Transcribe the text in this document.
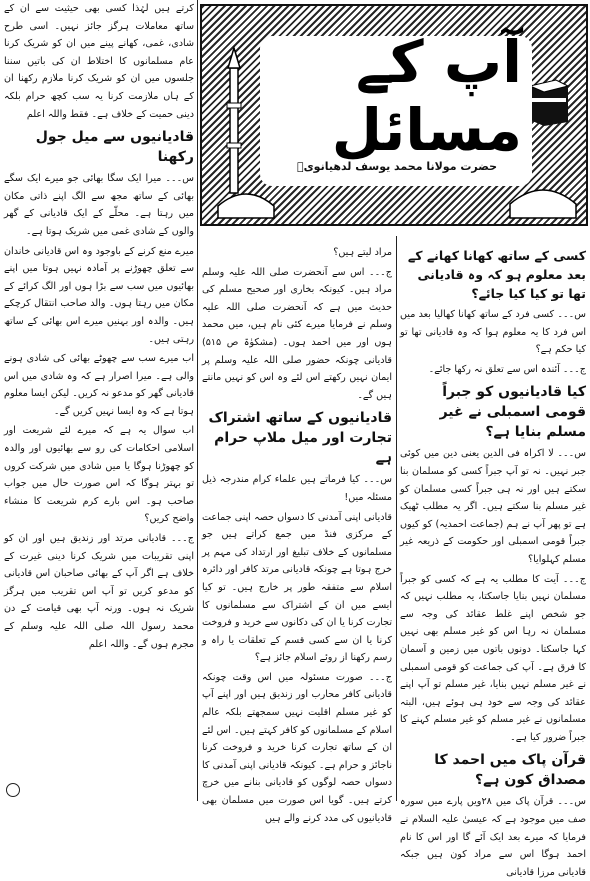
آپ کے مسائل
حضرت مولانا محمد یوسف لدھیانویؒ

کسی کے ساتھ کھانا کھانے کے بعد معلوم ہو کہ وہ قادیانی تھا تو کیا کیا جائے؟

س۔۔۔ کسی فرد کے ساتھ کھانا کھالیا بعد میں اس فرد کا یہ معلوم ہوا کہ وہ قادیانی تھا تو کیا حکم ہے؟

ج۔۔۔ آئندہ اس سے تعلق نہ رکھا جائے۔

کیا قادیانیوں کو جبراً قومی اسمبلی نے غیر مسلم بنایا ہے؟

س۔۔۔ لا اکراہ فی الدین یعنی دین میں کوئی جبر نہیں۔ نہ تو آپ جبراً کسی کو مسلمان بنا سکتے ہیں اور نہ ہی جبراً کسی مسلمان کو غیر مسلم بنا سکتے ہیں۔ اگر یہ مطلب ٹھیک ہے تو پھر آپ نے ہم (جماعت احمدیہ) کو کیوں جبراً قومی اسمبلی اور حکومت کے ذریعہ غیر مسلم کہلوایا؟

ج۔۔۔ آیت کا مطلب یہ ہے کہ کسی کو جبراً مسلمان نہیں بنایا جاسکتا، یہ مطلب نہیں کہ جو شخص اپنے غلط عقائد کی وجہ سے مسلمان نہ رہا اس کو غیر مسلم بھی نہیں کہا جاسکتا۔ دونوں باتوں میں زمین و آسمان کا فرق ہے۔ آپ کی جماعت کو قومی اسمبلی نے غیر مسلم نہیں بنایا، غیر مسلم تو آپ اپنے عقائد کی وجہ سے خود ہی ہوئے ہیں، البتہ مسلمانوں نے غیر مسلم کو غیر مسلم کہنے کا جبراً ضرور کیا ہے۔

قرآن پاک میں احمد کا مصداق کون ہے؟

س۔۔۔ قرآن پاک میں ۲۸ویں پارے میں سورہ صف میں موجود ہے کہ عیسیٰ علیہ السلام نے فرمایا کہ میرے بعد ایک آئے گا اور اس کا نام احمد ہوگا اس سے مراد کون ہیں جبکہ قادیانی مرزا قادیانی

مراد لیتے ہیں؟

ج۔۔۔ اس سے آنحضرت صلی اللہ علیہ وسلم مراد ہیں۔ کیونکہ بخاری اور صحیح مسلم کی حدیث میں ہے کہ آنحضرت صلی اللہ علیہ وسلم نے فرمایا میرے کئی نام ہیں، میں محمد ہوں اور میں احمد ہوں۔ (مشکوٰۃ ص ۵۱۵) قادیانی چونکہ حضور صلی اللہ علیہ وسلم پر ایمان نہیں رکھتے اس لئے وہ اس کو نہیں مانتے ہیں گے۔

قادیانیوں کے ساتھ اشتراک تجارت اور میل ملاپ حرام ہے

س۔۔۔ کیا فرماتے ہیں علماء کرام مندرجہ ذیل مسئلہ میں!

قادیانی اپنی آمدنی کا دسواں حصہ اپنی جماعت کے مرکزی فنڈ میں جمع کراتے ہیں جو مسلمانوں کے خلاف تبلیغ اور ارتداد کی مہم پر خرج ہوتا ہے چونکہ قادیانی مرتد کافر اور دائرہ اسلام سے متفقہ طور پر خارج ہیں۔ تو کیا ایسے میں ان کے اشتراک سے مسلمانوں کا تجارت کرنا یا ان کی دکانوں سے خرید و فروخت کرنا یا ان سے کسی قسم کے تعلقات یا راہ و رسم رکھنا از روئے اسلام جائز ہے؟

ج۔۔۔ صورت مسئولہ میں اس وقت چونکہ قادیانی کافر محارب اور زندیق ہیں اور اپنے آپ کو غیر مسلم اقلیت نہیں سمجھتے بلکہ عالم اسلام کے مسلمانوں کو کافر کہتے ہیں۔ اس لئے ان کے ساتھ تجارت کرنا خرید و فروخت کرنا ناجائز و حرام ہے۔ کیونکہ قادیانی اپنی آمدنی کا دسواں حصہ لوگوں کو قادیانی بنانے میں خرچ کرتے ہیں۔ گویا اس صورت میں مسلمان بھی قادیانیوں کی مدد کرنے والے ہیں

کرتے ہیں لہٰذا کسی بھی حیثیت سے ان کے ساتھ معاملات ہرگز جائز نہیں۔ اسی طرح شادی، غمی، کھانے پینے میں ان کو شریک کرنا عام مسلمانوں کا اختلاط ان کی باتیں سننا جلسوں میں ان کو شریک کرنا ملازم رکھنا ان کے ہاں ملازمت کرنا یہ سب کچھ حرام بلکہ دینی حمیت کے خلاف ہے۔ فقط واللہ اعلم

قادیانیوں سے میل جول رکھنا

س۔۔۔ میرا ایک سگا بھائی جو میرے ایک سگے بھائی کے ساتھ مجھ سے الگ اپنے ذاتی مکان میں رہتا ہے۔ محلّے کے ایک قادیانی کے گھر والوں کے شادی غمی میں شریک ہوتا ہے۔

میرے منع کرنے کے باوجود وہ اس قادیانی خاندان سے تعلق چھوڑنے پر آمادہ نہیں ہوتا میں اپنے بھائیوں میں سب سے بڑا ہوں اور الگ کرائے کے مکان میں رہتا ہوں۔ والد صاحب انتقال کرچکے ہیں۔ والدہ اور بہنیں میرے اس بھائی کے ساتھ رہتی ہیں۔

اب میرے سب سے چھوٹے بھائی کی شادی ہونے والی ہے۔ میرا اصرار ہے کہ وہ شادی میں اس قادیانی گھر کو مدعو نہ کریں۔ لیکن ایسا معلوم ہوتا ہے کہ وہ ایسا نہیں کریں گے۔

اب سوال یہ ہے کہ میرے لئے شریعت اور اسلامی احکامات کی رو سے بھائیوں اور والدہ کو چھوڑنا ہوگا یا میں شادی میں شرکت کروں تو بہتر ہوگا کہ اس صورت حال میں جواب صاحب ہو۔ اس بارے کرم شریعت کا منشاء واضح کریں؟

ج۔۔۔ قادیانی مرتد اور زندیق ہیں اور ان کو اپنی تقریبات میں شریک کرنا دینی غیرت کے خلاف ہے اگر آپ کے بھائی صاحبان اس قادیانی کو مدعو کریں تو آپ اس تقریب میں ہرگز شریک نہ ہوں۔ ورنہ آپ بھی قیامت کے دن محمد رسول اللہ صلی اللہ علیہ وسلم کے مجرم ہوں گے۔ واللہ اعلم
